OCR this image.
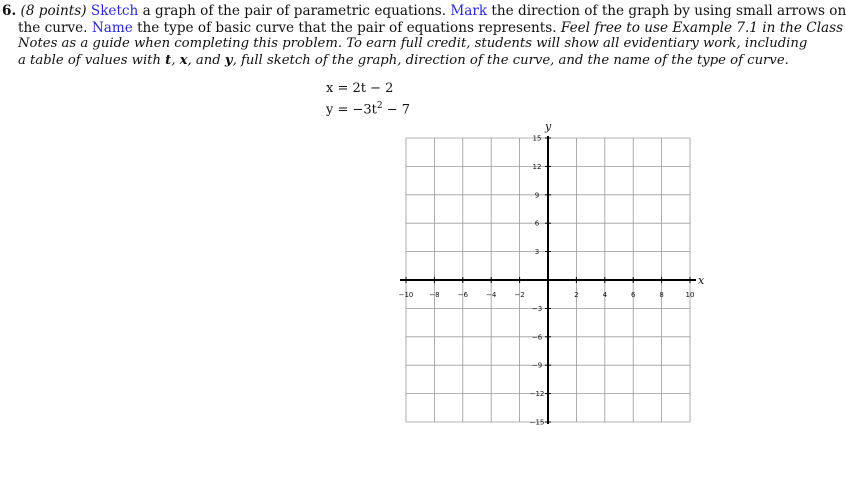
6. (8 points) Sketch a graph of the pair of parametric equations. Mark the direction of the graph by using small arrows on
the curve. Name the type of basic curve that the pair of equations represents. Feel free to use Example 7.1 in the Class
Notes as a guide when completing this problem. To earn full credit, students will show all evidentiary work, including
a table of values with t, x, and y, full sketch of the graph, direction of the curve, and the name of the type of curve.
x = 2t − 2
$y = -3t^2 - 7$
x
y
−10 −8	−6	−4	−2	2	4	6	8	10
15
12
9
6
3
−3
−6
−9
−12
−15
